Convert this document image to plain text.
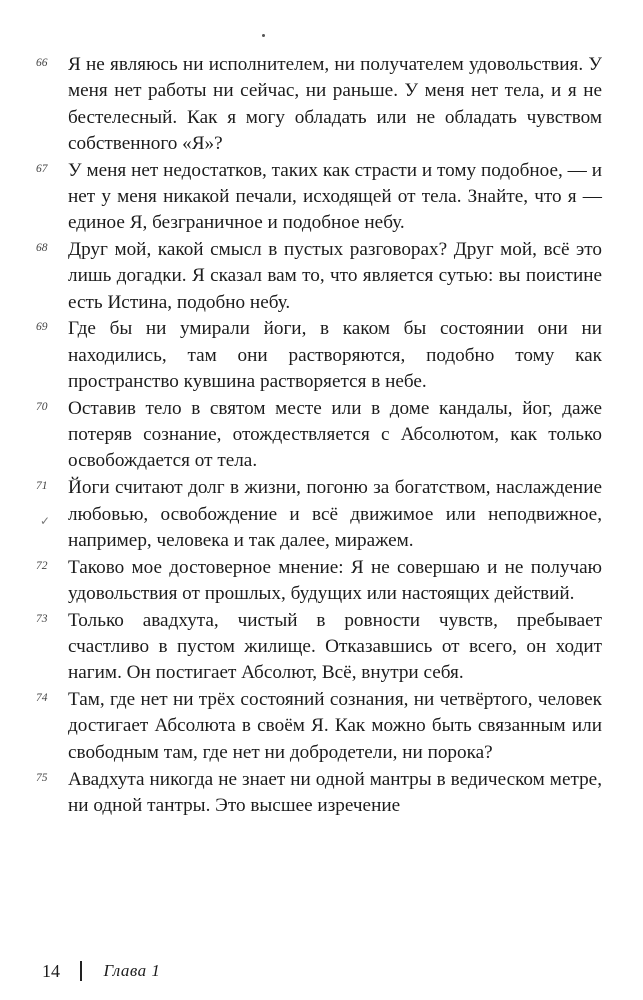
✓
66	Я не являюсь ни исполнителем, ни получателем удовольствия. У меня нет работы ни сейчас, ни раньше. У меня нет тела, и я не бестелесный. Как я могу обладать или не обладать чувством собственного «Я»?
67	У меня нет недостатков, таких как страсти и тому подобное, — и нет у меня никакой печали, исходящей от тела. Знайте, что я — единое Я, безграничное и подобное небу.
68	Друг мой, какой смысл в пустых разговорах? Друг мой, всё это лишь догадки. Я сказал вам то, что является сутью: вы поистине есть Истина, подобно небу.
69	Где бы ни умирали йоги, в каком бы состоянии они ни находились, там они растворяются, подобно тому как пространство кувшина растворяется в небе.
70	Оставив тело в святом месте или в доме кандалы, йог, даже потеряв сознание, отождествляется с Абсолютом, как только освобождается от тела.
71	Йоги считают долг в жизни, погоню за богатством, наслаждение любовью, освобождение и всё движимое или неподвижное, например, человека и так далее, миражем.
72	Таково мое достоверное мнение: Я не совершаю и не получаю удовольствия от прошлых, будущих или настоящих действий.
73	Только авадхута, чистый в ровности чувств, пребывает счастливо в пустом жилище. Отказавшись от всего, он ходит нагим. Он постигает Абсолют, Всё, внутри себя.
74	Там, где нет ни трёх состояний сознания, ни четвёртого, человек достигает Абсолюта в своём Я. Как можно быть связанным или свободным там, где нет ни добродетели, ни порока?
75	Авадхута никогда не знает ни одной мантры в ведическом метре, ни одной тантры. Это высшее изречение
14	Глава 1
